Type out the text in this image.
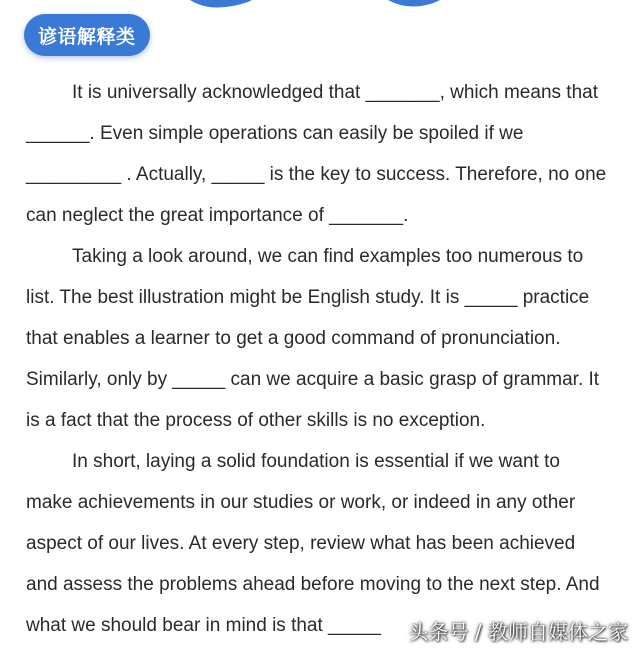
谚语解释类

It is universally acknowledged that _______, which means that
______. Even simple operations can easily be spoiled if we
_________ . Actually, _____ is the key to success. Therefore, no one
can neglect the great importance of _______.

Taking a look around, we can find examples too numerous to
list. The best illustration might be English study. It is _____ practice
that enables a learner to get a good command of pronunciation.
Similarly, only by _____ can we acquire a basic grasp of grammar. It
is a fact that the process of other skills is no exception.

In short, laying a solid foundation is essential if we want to
make achievements in our studies or work, or indeed in any other
aspect of our lives. At every step, review what has been achieved
and assess the problems ahead before moving to the next step. And
what we should bear in mind is that _____	头条号 / 教师自媒体之家
